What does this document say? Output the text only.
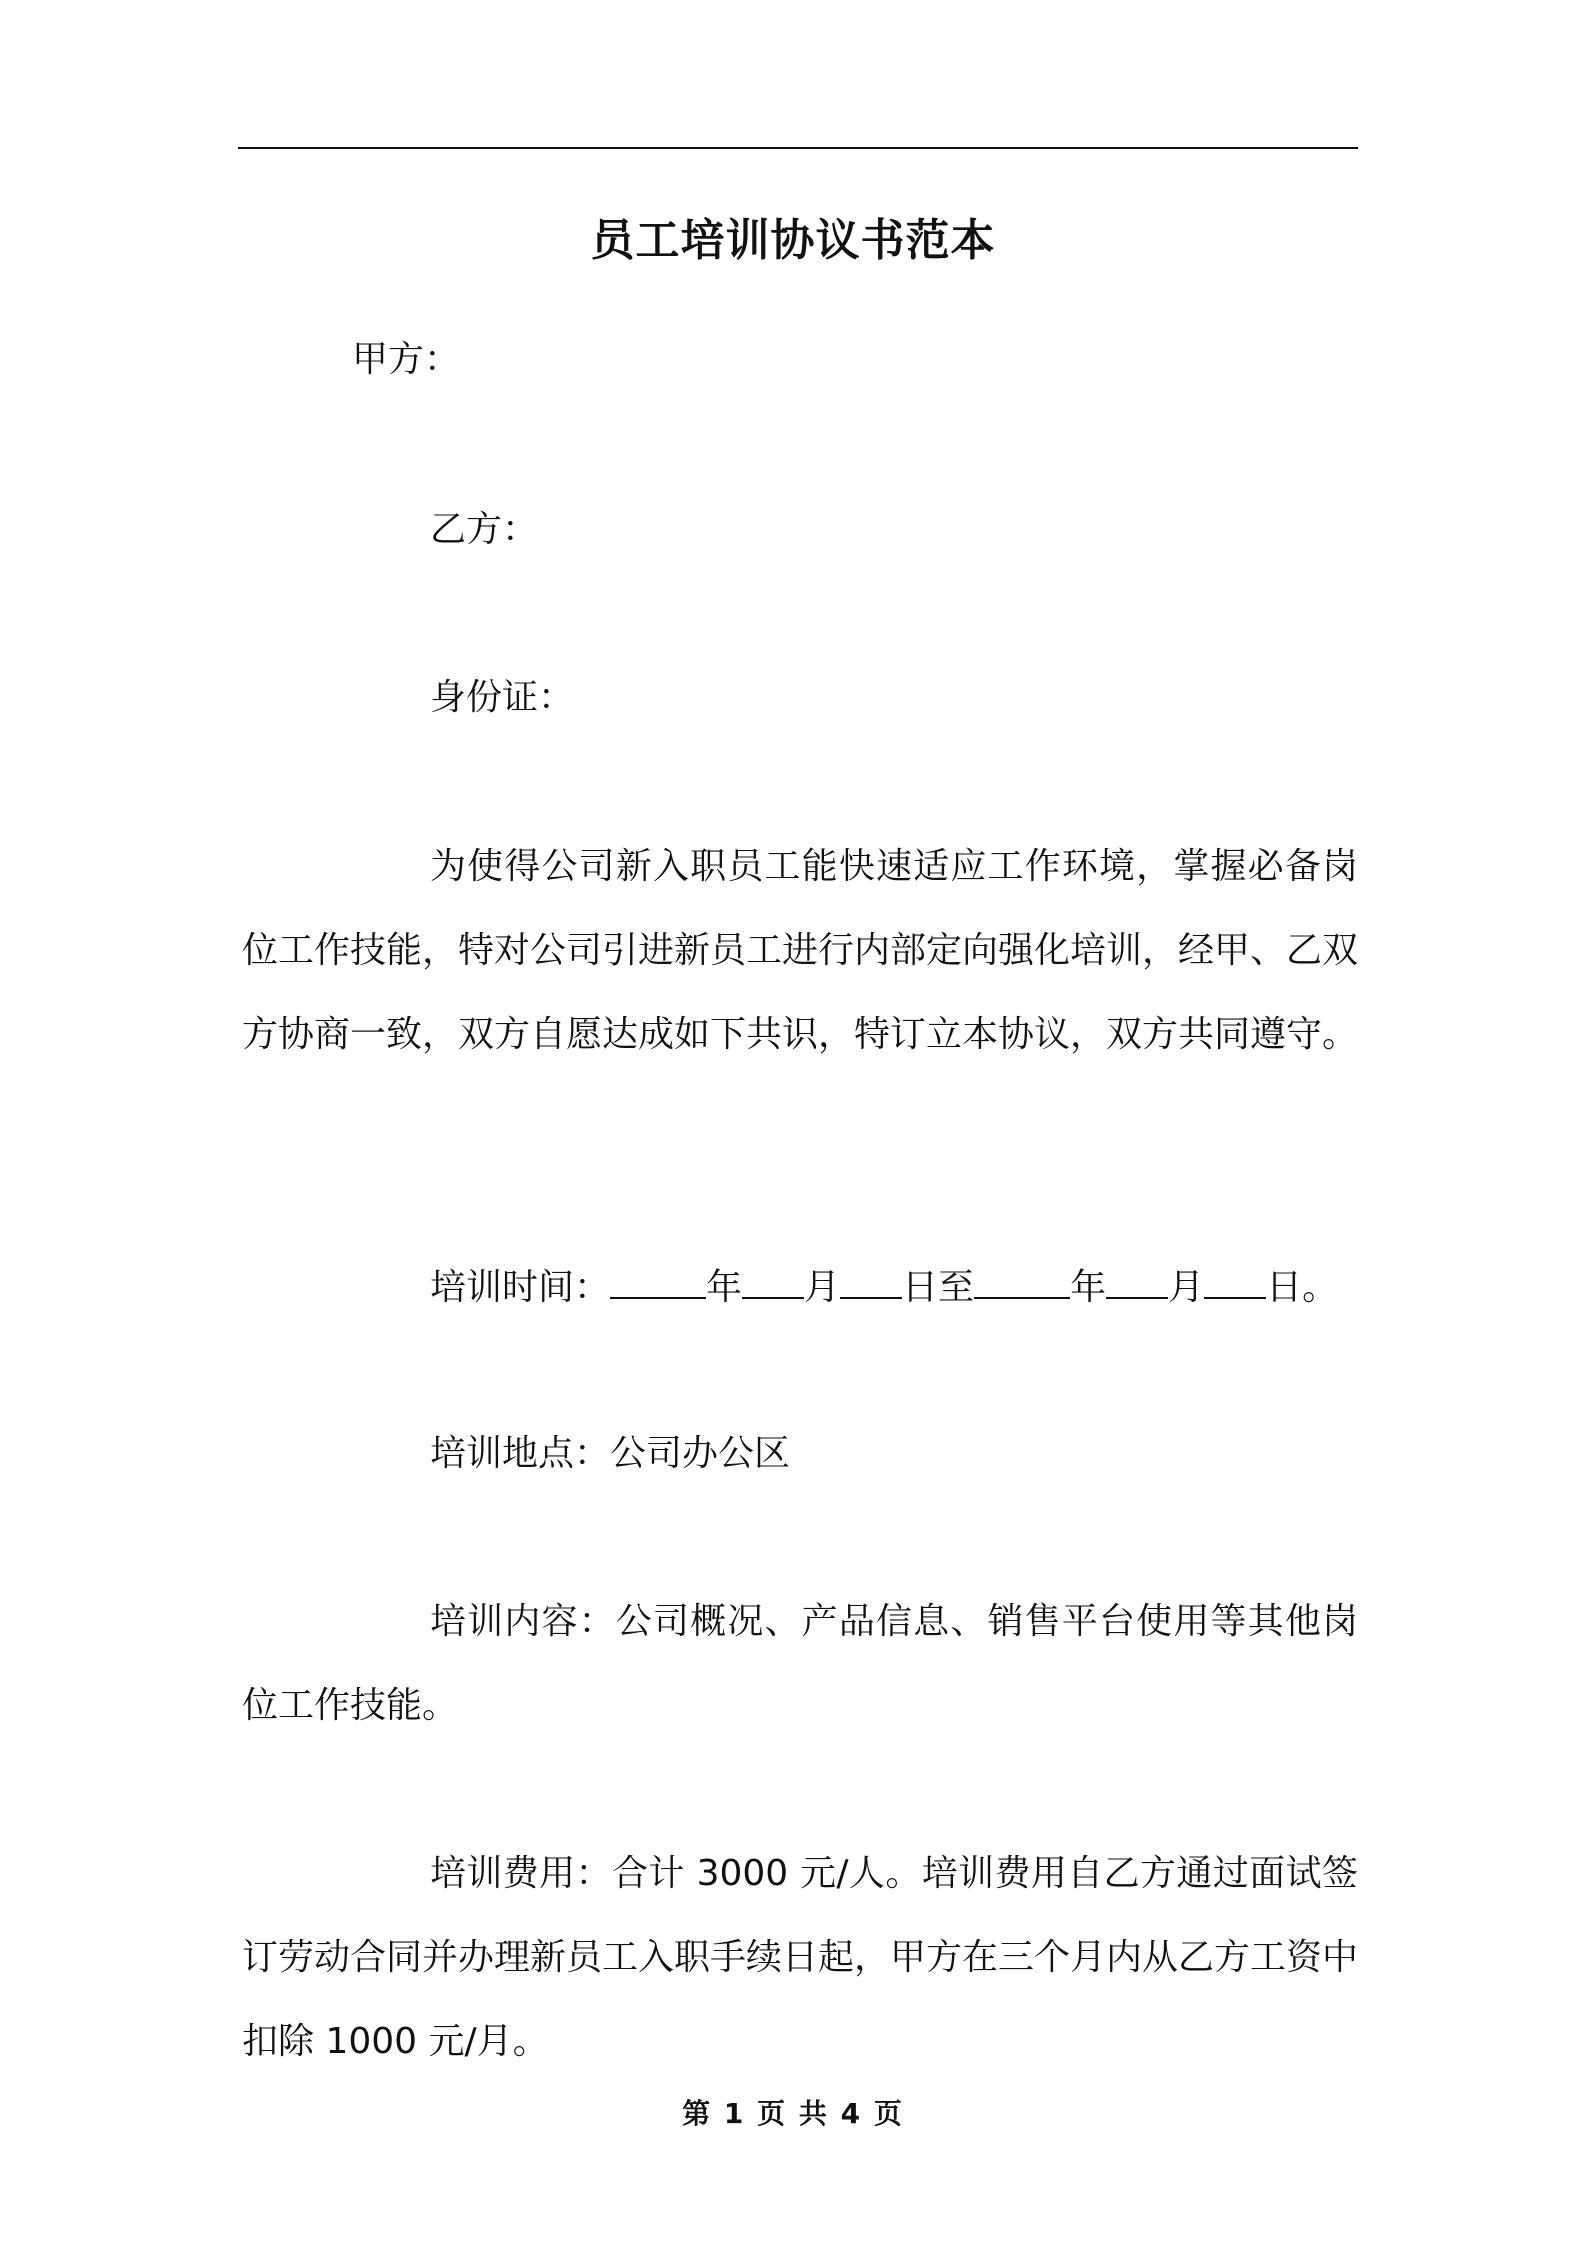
员工培训协议书范本
甲方：
乙方：
身份证：

为使得公司新入职员工能快速适应工作环境，掌握必备岗位工作技能，特对公司引进新员工进行内部定向强化培训，经甲、乙双方协商一致，双方自愿达成如下共识，特订立本协议，双方共同遵守。

培训时间：	年 月 日至	年 月 日。
培训地点：公司办公区

培训内容：公司概况、产品信息、销售平台使用等其他岗位工作技能。

培训费用：合计 3000 元/人。培训费用自乙方通过面试签订劳动合同并办理新员工入职手续日起，甲方在三个月内从乙方工资中扣除 1000 元/月。

第 1 页 共 4 页
